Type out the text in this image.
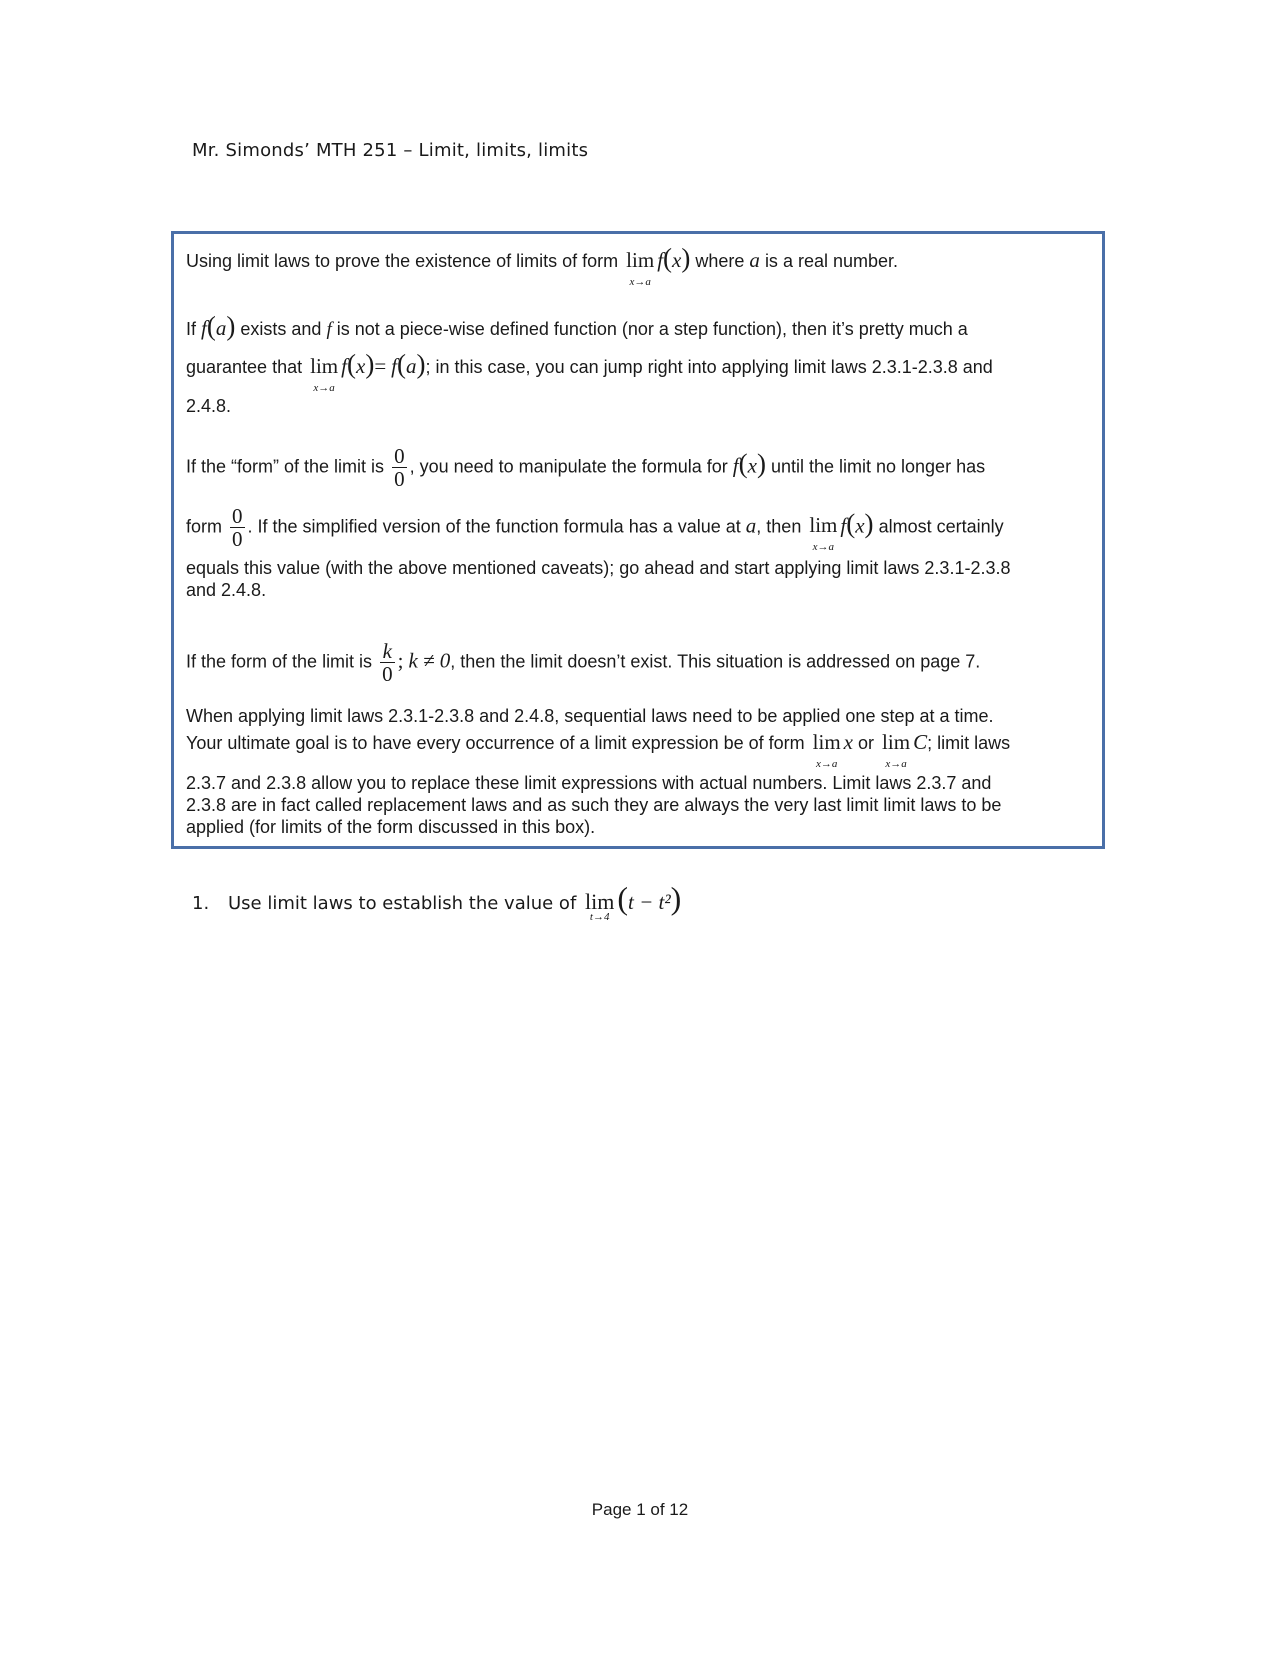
Mr. Simonds’ MTH 251 – Limit, limits, limits
Using limit laws to prove the existence of limits of form lim
x→a
f(x) where a is a real number.
If f(a) exists and f is not a piece-wise defined function (nor a step function), then it’s pretty much a
guarantee that lim
x→a
f(x)= f(a); in this case, you can jump right into applying limit laws 2.3.1-2.3.8 and
2.4.8.
If the “form” of the limit is $\frac{0}{0}$ , you need to manipulate the formula for f(x) until the limit no longer has
form $\frac{0}{0}$ . If the simplified version of the function formula has a value at a, then lim
x→a
f(x) almost certainly
equals this value (with the above mentioned caveats); go ahead and start applying limit laws 2.3.1-2.3.8
and 2.4.8.
If the form of the limit is $\frac{k}{0}$ ; k ≠ 0, then the limit doesn’t exist. This situation is addressed on page 7.
When applying limit laws 2.3.1-2.3.8 and 2.4.8, sequential laws need to be applied one step at a time.
Your ultimate goal is to have every occurrence of a limit expression be of form lim
x→a
x or lim
x→a
C; limit laws
2.3.7 and 2.3.8 allow you to replace these limit expressions with actual numbers. Limit laws 2.3.7 and
2.3.8 are in fact called replacement laws and as such they are always the very last limit limit laws to be
applied (for limits of the form discussed in this box).
1. Use limit laws to establish the value of lim
t→4
(t − t²)
Page 1 of 12
